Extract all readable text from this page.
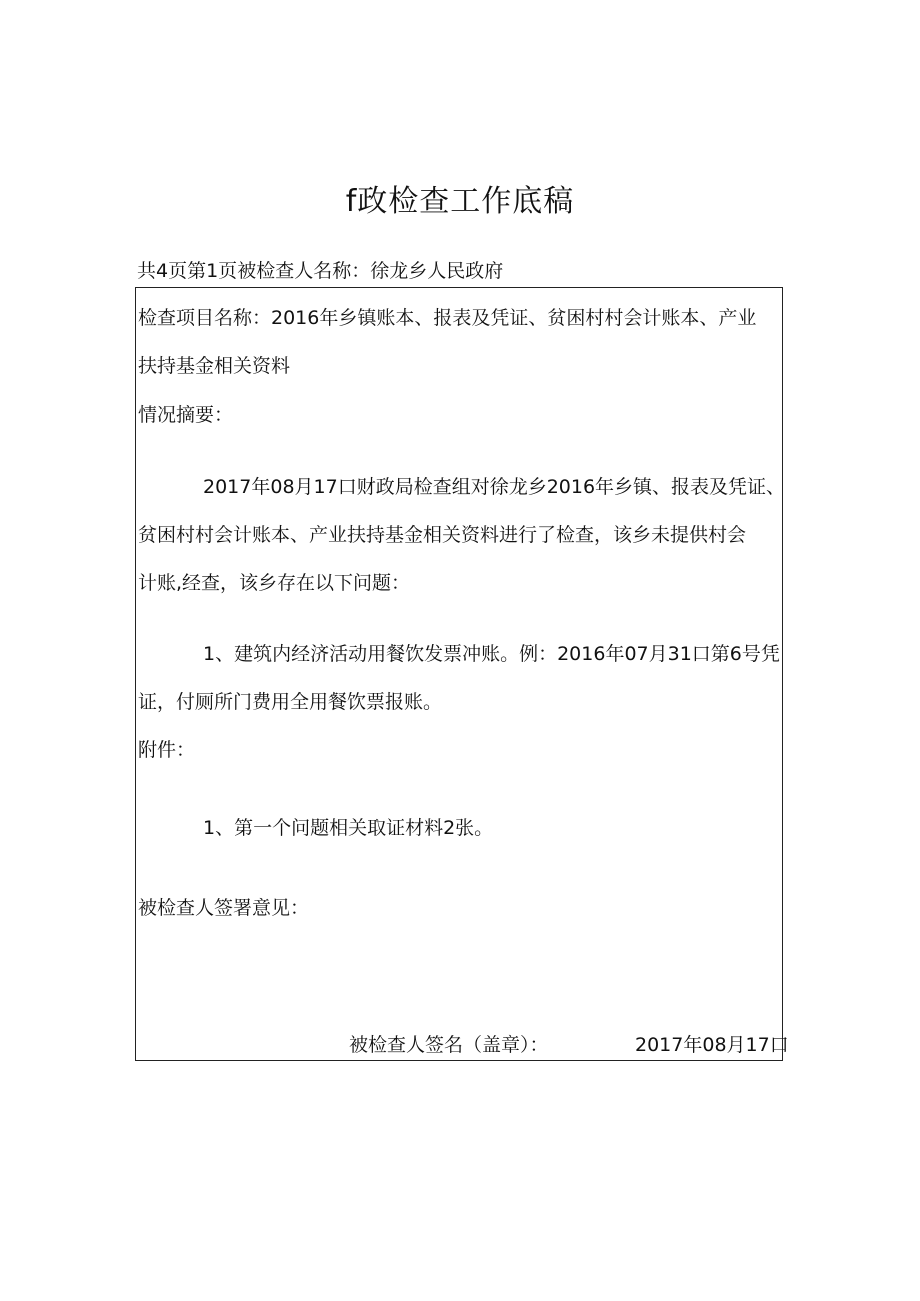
f政检查工作底稿
共4页第1页被检查人名称：徐龙乡人民政府
检查项目名称：2016年乡镇账本、报表及凭证、贫困村村会计账本、产业
扶持基金相关资料
情况摘要：
2017年08月17口财政局检查组对徐龙乡2016年乡镇、报表及凭证、
贫困村村会计账本、产业扶持基金相关资料进行了检查，该乡未提供村会
计账,经查，该乡存在以下问题：
1、建筑内经济活动用餐饮发票冲账。例：2016年07月31口第6号凭
证，付厕所门费用全用餐饮票报账。
附件：
1、第一个问题相关取证材料2张。
被检查人签署意见：
被检查人签名（盖章）：	2017年08月17口
